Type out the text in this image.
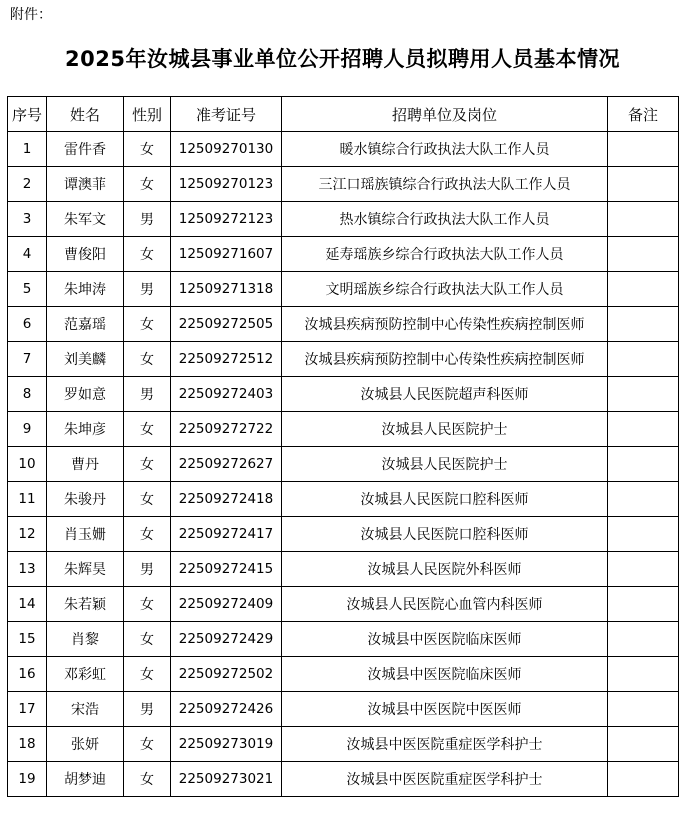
附件：
2025年汝城县事业单位公开招聘人员拟聘用人员基本情况
序号	姓名	性别	准考证号	招聘单位及岗位	备注
1	雷件香	女	12509270130	暖水镇综合行政执法大队工作人员	
2	谭澳菲	女	12509270123	三江口瑶族镇综合行政执法大队工作人员	
3	朱军文	男	12509272123	热水镇综合行政执法大队工作人员	
4	曹俊阳	女	12509271607	延寿瑶族乡综合行政执法大队工作人员	
5	朱坤涛	男	12509271318	文明瑶族乡综合行政执法大队工作人员	
6	范嘉瑶	女	22509272505	汝城县疾病预防控制中心传染性疾病控制医师	
7	刘美麟	女	22509272512	汝城县疾病预防控制中心传染性疾病控制医师	
8	罗如意	男	22509272403	汝城县人民医院超声科医师	
9	朱坤彦	女	22509272722	汝城县人民医院护士	
10	曹丹	女	22509272627	汝城县人民医院护士	
11	朱骏丹	女	22509272418	汝城县人民医院口腔科医师	
12	肖玉姗	女	22509272417	汝城县人民医院口腔科医师	
13	朱辉昊	男	22509272415	汝城县人民医院外科医师	
14	朱若颖	女	22509272409	汝城县人民医院心血管内科医师	
15	肖黎	女	22509272429	汝城县中医医院临床医师	
16	邓彩虹	女	22509272502	汝城县中医医院临床医师	
17	宋浩	男	22509272426	汝城县中医医院中医医师	
18	张妍	女	22509273019	汝城县中医医院重症医学科护士	
19	胡梦迪	女	22509273021	汝城县中医医院重症医学科护士	
